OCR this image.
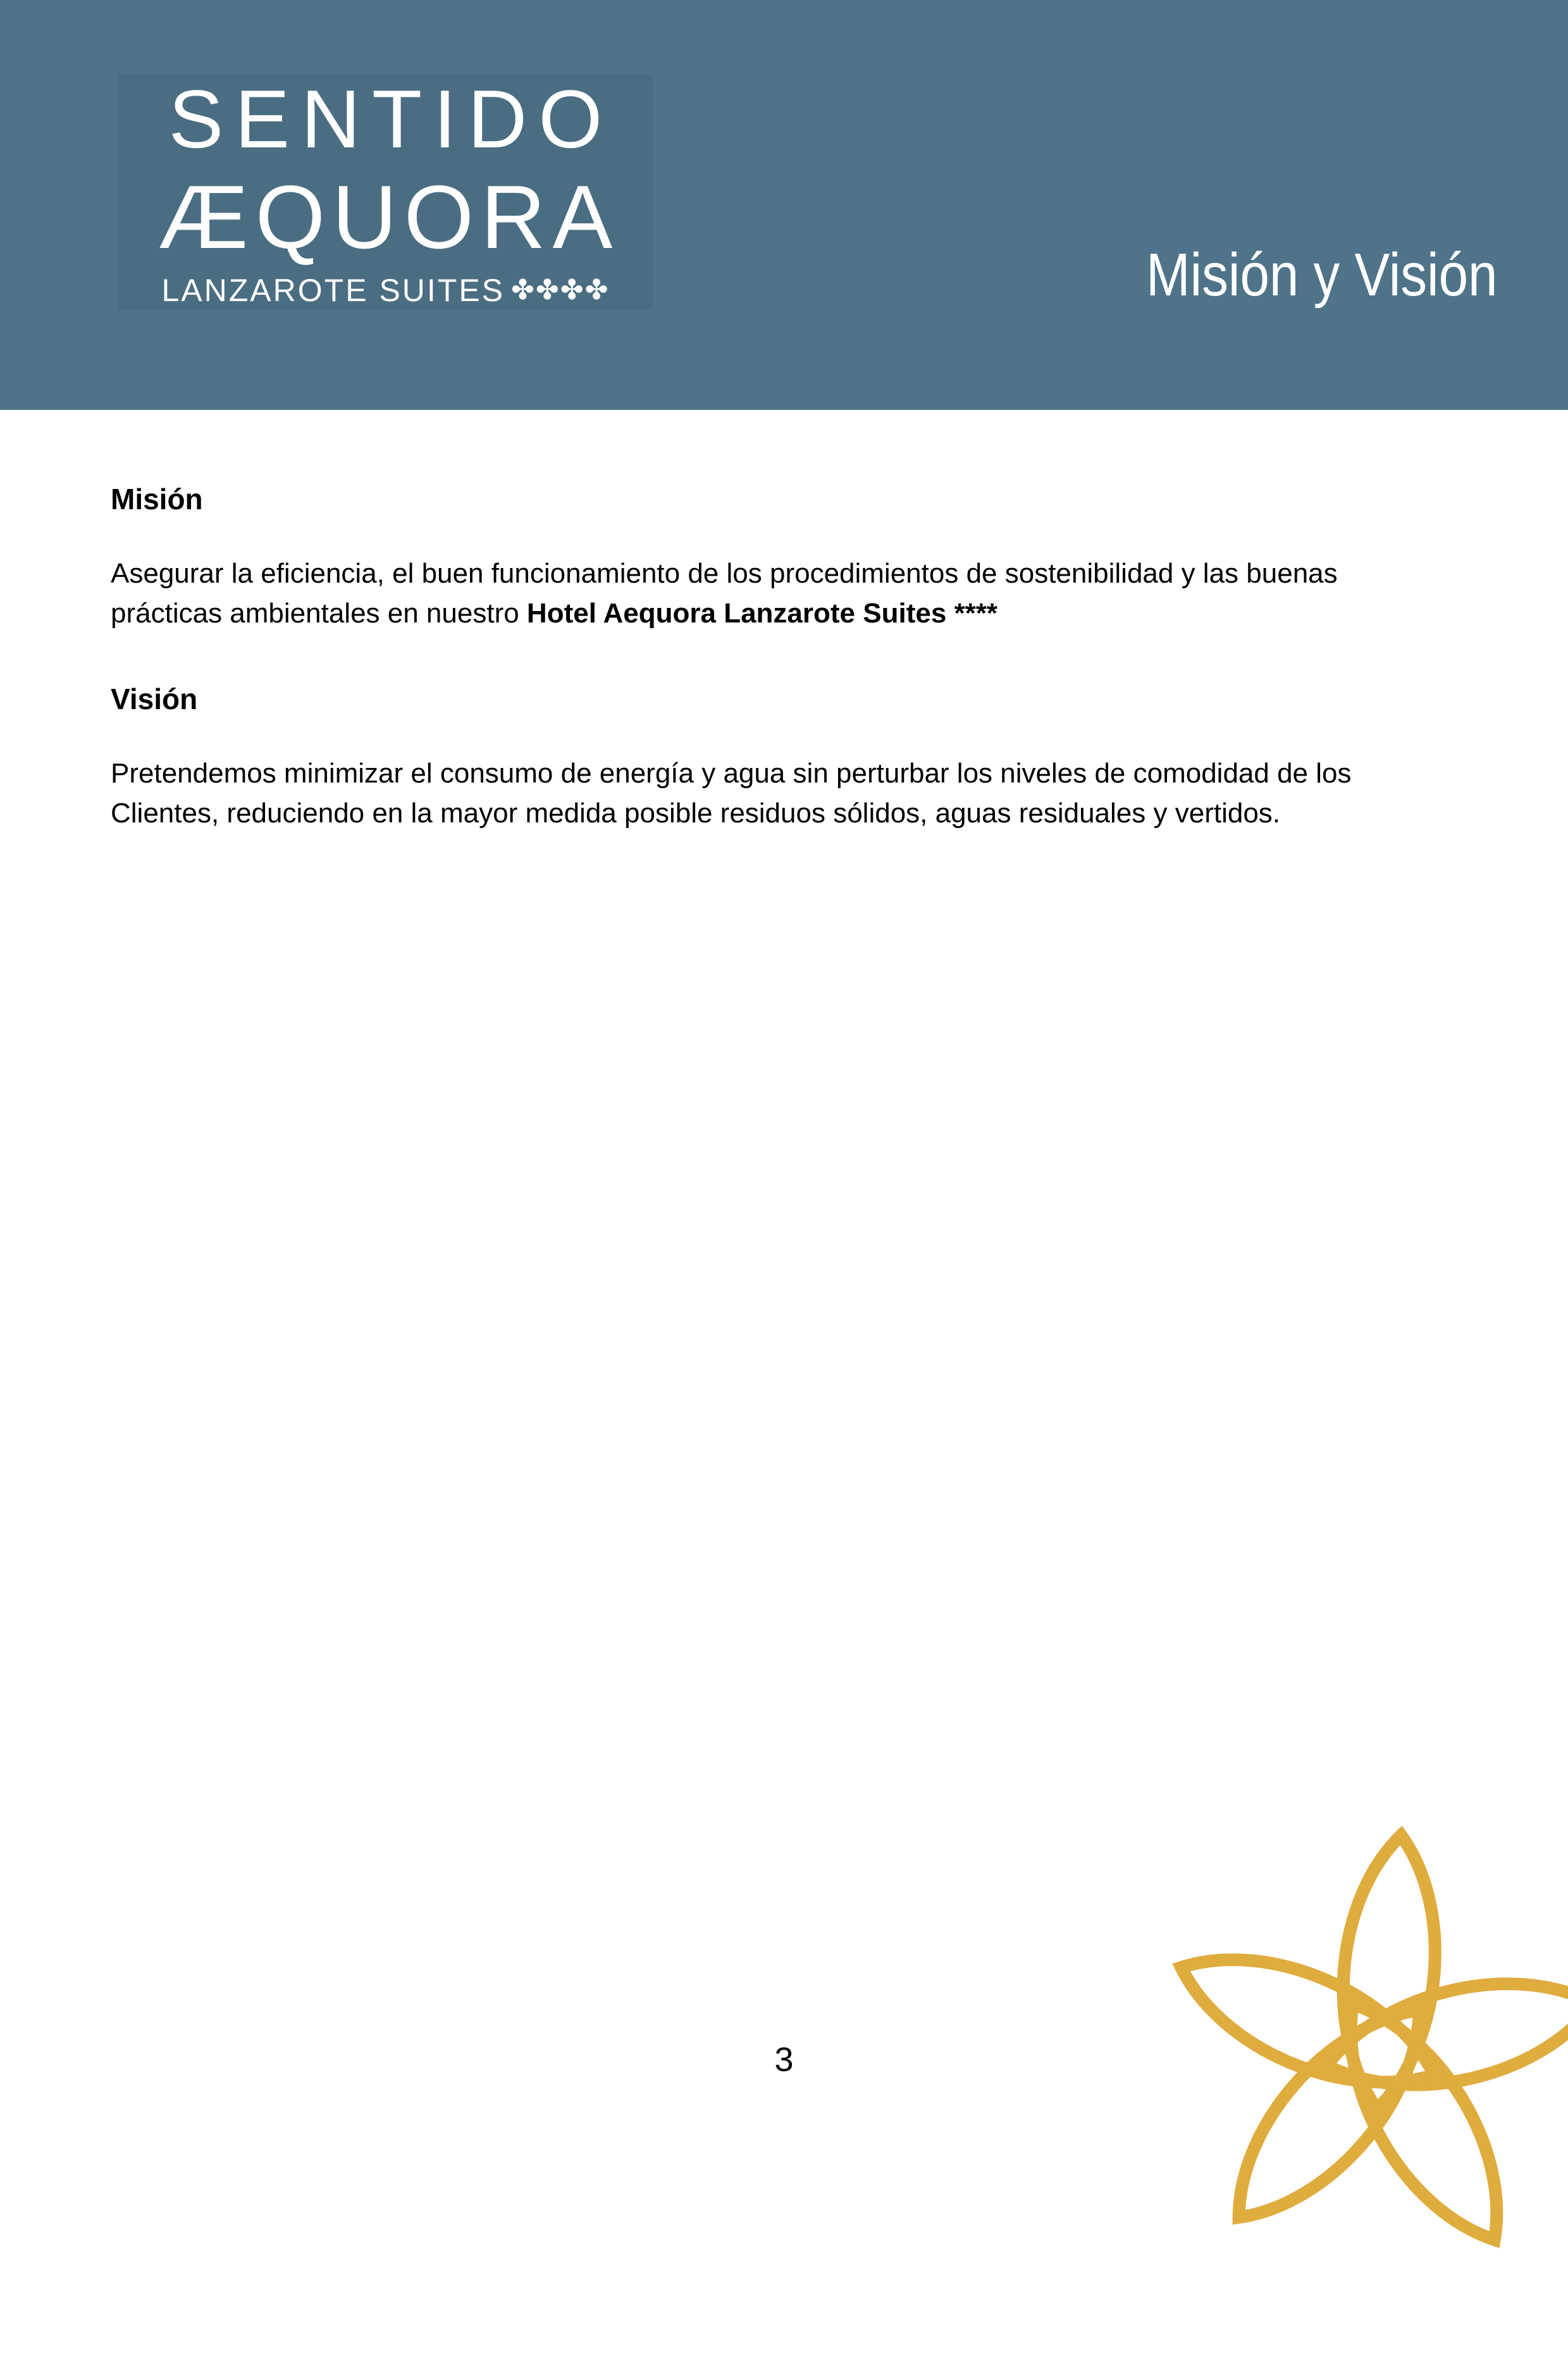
SENTIDO
ÆQUORA
LANZAROTE SUITES ✤✤✤✤	Misión y Visión
Misión

Asegurar la eficiencia, el buen funcionamiento de los procedimientos de sostenibilidad y las buenas
prácticas ambientales en nuestro Hotel Aequora Lanzarote Suites ****

Visión

Pretendemos minimizar el consumo de energía y agua sin perturbar los niveles de comodidad de los
Clientes, reduciendo en la mayor medida posible residuos sólidos, aguas residuales y vertidos.

3
